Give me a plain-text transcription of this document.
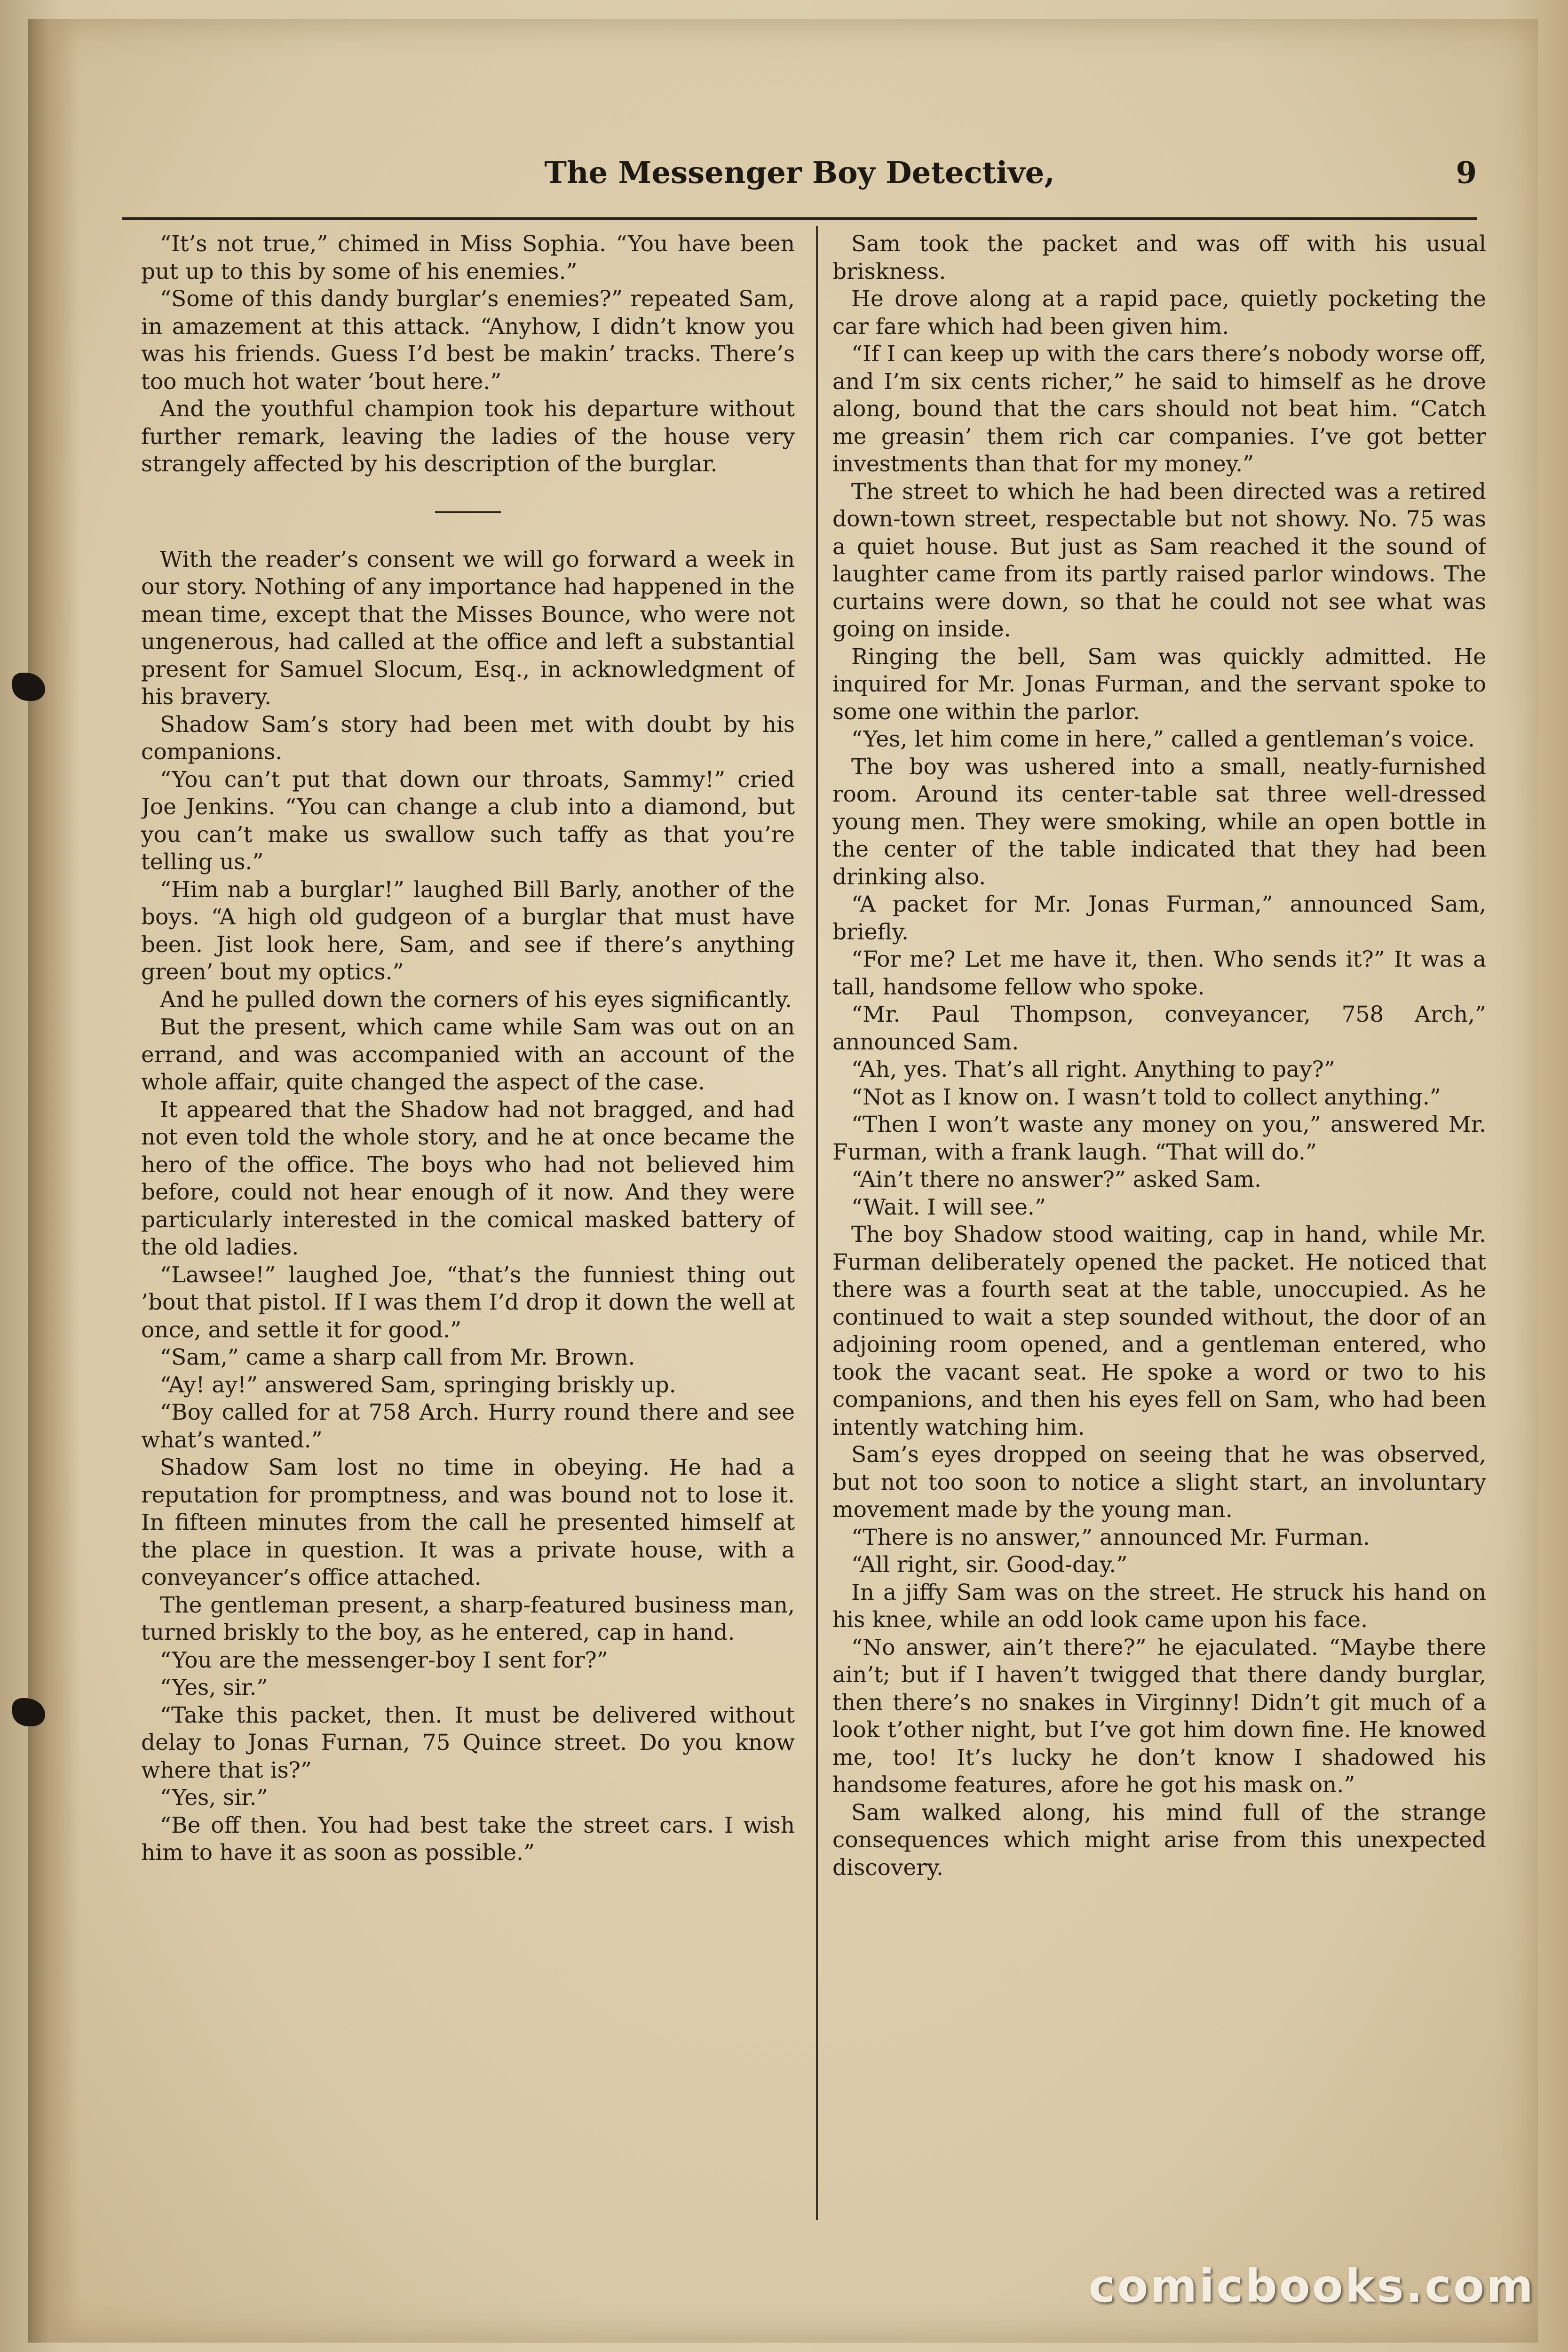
The Messenger Boy Detective,	9

“It’s not true,” chimed in Miss Sophia. “You have been put up to this by some of his enemies.”

“Some of this dandy burglar’s enemies?” repeated Sam, in amazement at this attack. “Anyhow, I didn’t know you was his friends. Guess I’d best be makin’ tracks. There’s too much hot water ’bout here.”

And the youthful champion took his departure without further remark, leaving the ladies of the house very strangely affected by his description of the burglar.

With the reader’s consent we will go forward a week in our story. Nothing of any importance had happened in the mean time, except that the Misses Bounce, who were not ungenerous, had called at the office and left a substantial present for Samuel Slocum, Esq., in acknowledgment of his bravery.

Shadow Sam’s story had been met with doubt by his companions.

“You can’t put that down our throats, Sammy!” cried Joe Jenkins. “You can change a club into a diamond, but you can’t make us swallow such taffy as that you’re telling us.”

“Him nab a burglar!” laughed Bill Barly, another of the boys. “A high old gudgeon of a burglar that must have been. Jist look here, Sam, and see if there’s anything green’ bout my optics.”

And he pulled down the corners of his eyes significantly.

But the present, which came while Sam was out on an errand, and was accompanied with an account of the whole affair, quite changed the aspect of the case.

It appeared that the Shadow had not bragged, and had not even told the whole story, and he at once became the hero of the office. The boys who had not believed him before, could not hear enough of it now. And they were particularly interested in the comical masked battery of the old ladies.

“Lawsee!” laughed Joe, “that’s the funniest thing out ’bout that pistol. If I was them I’d drop it down the well at once, and settle it for good.”

“Sam,” came a sharp call from Mr. Brown.

“Ay! ay!” answered Sam, springing briskly up.

“Boy called for at 758 Arch. Hurry round there and see what’s wanted.”

Shadow Sam lost no time in obeying. He had a reputation for promptness, and was bound not to lose it. In fifteen minutes from the call he presented himself at the place in question. It was a private house, with a conveyancer’s office attached.

The gentleman present, a sharp-featured business man, turned briskly to the boy, as he entered, cap in hand.

“You are the messenger-boy I sent for?”

“Yes, sir.”

“Take this packet, then. It must be delivered without delay to Jonas Furnan, 75 Quince street. Do you know where that is?”

“Yes, sir.”

“Be off then. You had best take the street cars. I wish him to have it as soon as possible.”

Sam took the packet and was off with his usual briskness.

He drove along at a rapid pace, quietly pocketing the car fare which had been given him.

“If I can keep up with the cars there’s nobody worse off, and I’m six cents richer,” he said to himself as he drove along, bound that the cars should not beat him. “Catch me greasin’ them rich car companies. I’ve got better investments than that for my money.”

The street to which he had been directed was a retired down-town street, respectable but not showy. No. 75 was a quiet house. But just as Sam reached it the sound of laughter came from its partly raised parlor windows. The curtains were down, so that he could not see what was going on inside.

Ringing the bell, Sam was quickly admitted. He inquired for Mr. Jonas Furman, and the servant spoke to some one within the parlor.

“Yes, let him come in here,” called a gentleman’s voice.

The boy was ushered into a small, neatly-furnished room. Around its center-table sat three well-dressed young men. They were smoking, while an open bottle in the center of the table indicated that they had been drinking also.

“A packet for Mr. Jonas Furman,” announced Sam, briefly.

“For me? Let me have it, then. Who sends it?” It was a tall, handsome fellow who spoke.

“Mr. Paul Thompson, conveyancer, 758 Arch,” announced Sam.

“Ah, yes. That’s all right. Anything to pay?”

“Not as I know on. I wasn’t told to collect anything.”

“Then I won’t waste any money on you,” answered Mr. Furman, with a frank laugh. “That will do.”

“Ain’t there no answer?” asked Sam.

“Wait. I will see.”

The boy Shadow stood waiting, cap in hand, while Mr. Furman deliberately opened the packet. He noticed that there was a fourth seat at the table, unoccupied. As he continued to wait a step sounded without, the door of an adjoining room opened, and a gentleman entered, who took the vacant seat. He spoke a word or two to his companions, and then his eyes fell on Sam, who had been intently watching him.

Sam’s eyes dropped on seeing that he was observed, but not too soon to notice a slight start, an involuntary movement made by the young man.

“There is no answer,” announced Mr. Furman.

“All right, sir. Good-day.”

In a jiffy Sam was on the street. He struck his hand on his knee, while an odd look came upon his face.

“No answer, ain’t there?” he ejaculated. “Maybe there ain’t; but if I haven’t twigged that there dandy burglar, then there’s no snakes in Virginny! Didn’t git much of a look t’other night, but I’ve got him down fine. He knowed me, too! It’s lucky he don’t know I shadowed his handsome features, afore he got his mask on.”

Sam walked along, his mind full of the strange consequences which might arise from this unexpected discovery.

comicbooks.com
